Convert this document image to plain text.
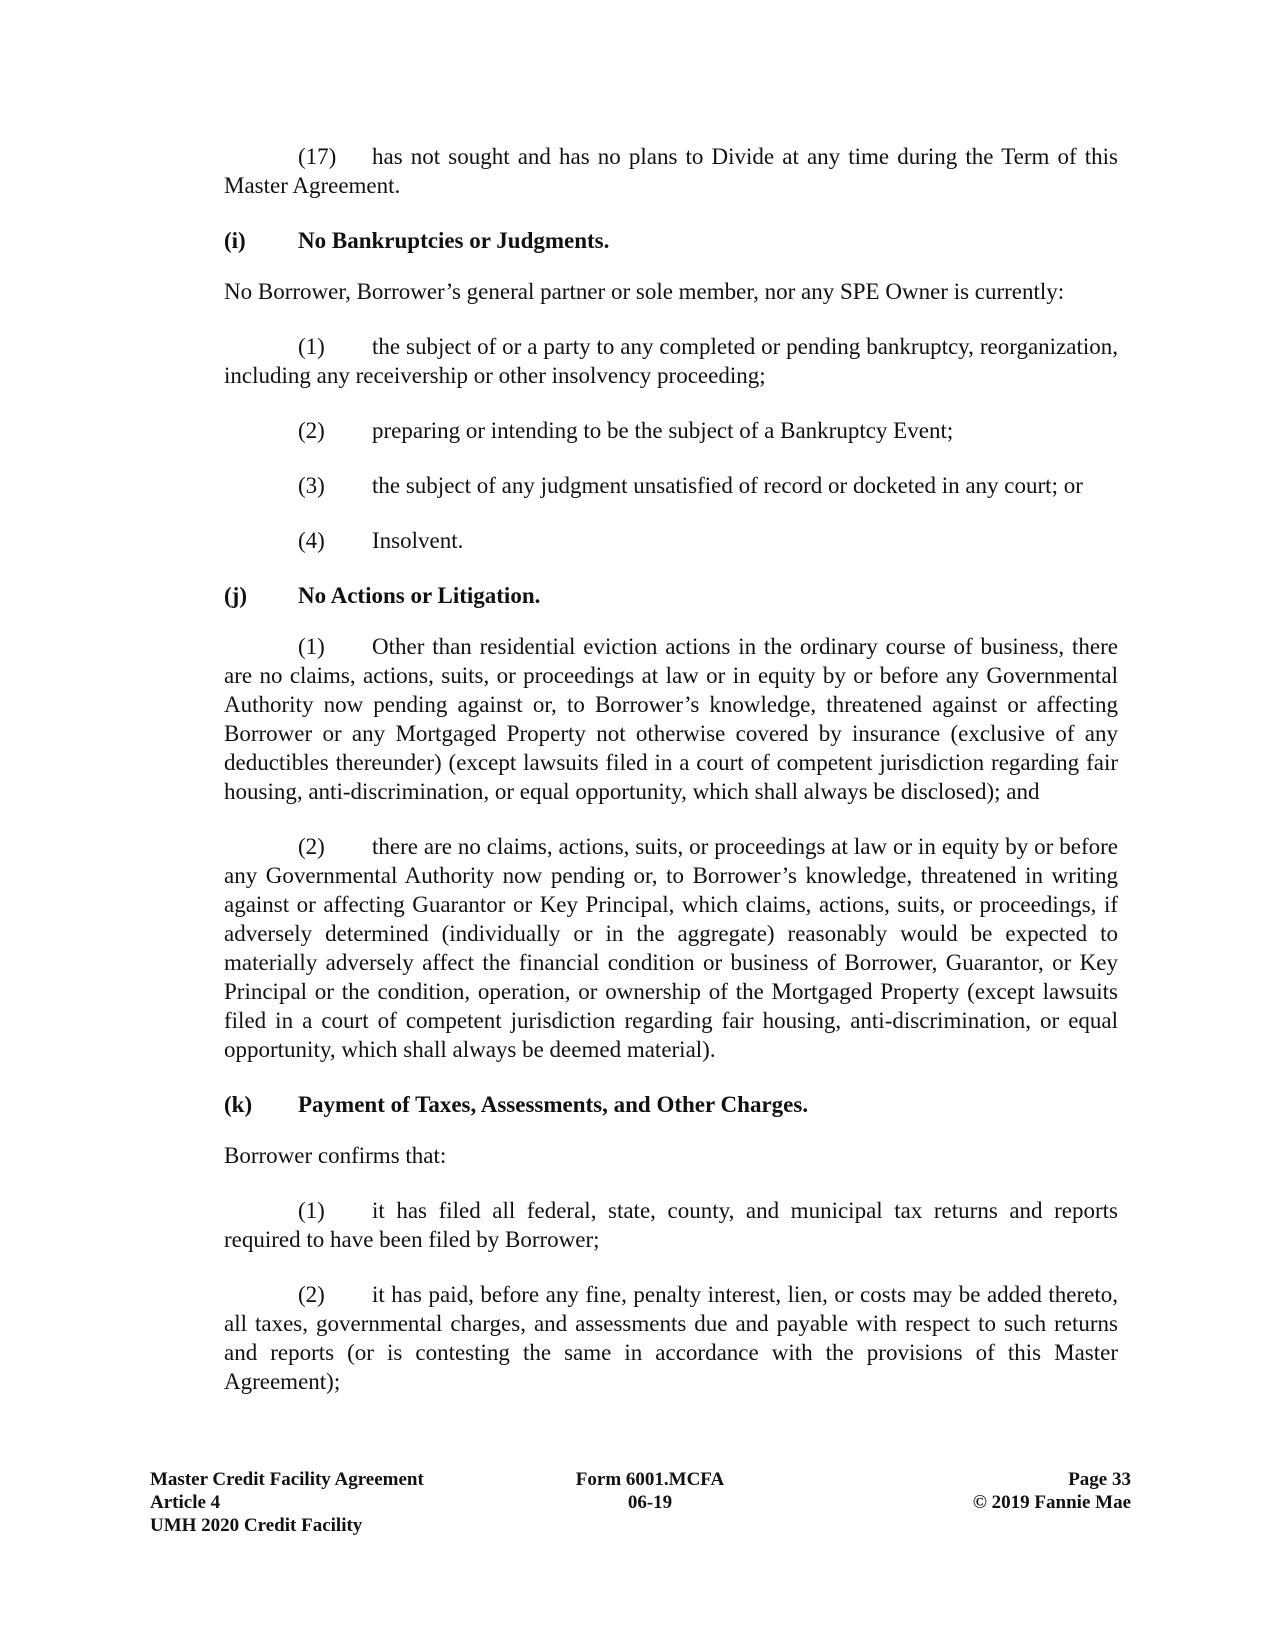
(17) has not sought and has no plans to Divide at any time during the Term of this Master Agreement.

(i) No Bankruptcies or Judgments.

No Borrower, Borrower’s general partner or sole member, nor any SPE Owner is currently:

(1) the subject of or a party to any completed or pending bankruptcy, reorganization, including any receivership or other insolvency proceeding;

(2) preparing or intending to be the subject of a Bankruptcy Event;

(3) the subject of any judgment unsatisfied of record or docketed in any court; or

(4) Insolvent.

(j) No Actions or Litigation.

(1) Other than residential eviction actions in the ordinary course of business, there are no claims, actions, suits, or proceedings at law or in equity by or before any Governmental Authority now pending against or, to Borrower’s knowledge, threatened against or affecting Borrower or any Mortgaged Property not otherwise covered by insurance (exclusive of any deductibles thereunder) (except lawsuits filed in a court of competent jurisdiction regarding fair housing, anti-discrimination, or equal opportunity, which shall always be disclosed); and

(2) there are no claims, actions, suits, or proceedings at law or in equity by or before any Governmental Authority now pending or, to Borrower’s knowledge, threatened in writing against or affecting Guarantor or Key Principal, which claims, actions, suits, or proceedings, if adversely determined (individually or in the aggregate) reasonably would be expected to materially adversely affect the financial condition or business of Borrower, Guarantor, or Key Principal or the condition, operation, or ownership of the Mortgaged Property (except lawsuits filed in a court of competent jurisdiction regarding fair housing, anti-discrimination, or equal opportunity, which shall always be deemed material).

(k) Payment of Taxes, Assessments, and Other Charges.

Borrower confirms that:

(1) it has filed all federal, state, county, and municipal tax returns and reports required to have been filed by Borrower;

(2) it has paid, before any fine, penalty interest, lien, or costs may be added thereto, all taxes, governmental charges, and assessments due and payable with respect to such returns and reports (or is contesting the same in accordance with the provisions of this Master Agreement);

Master Credit Facility Agreement
Article 4
UMH 2020 Credit Facility
Form 6001.MCFA
06-19
Page 33
© 2019 Fannie Mae
